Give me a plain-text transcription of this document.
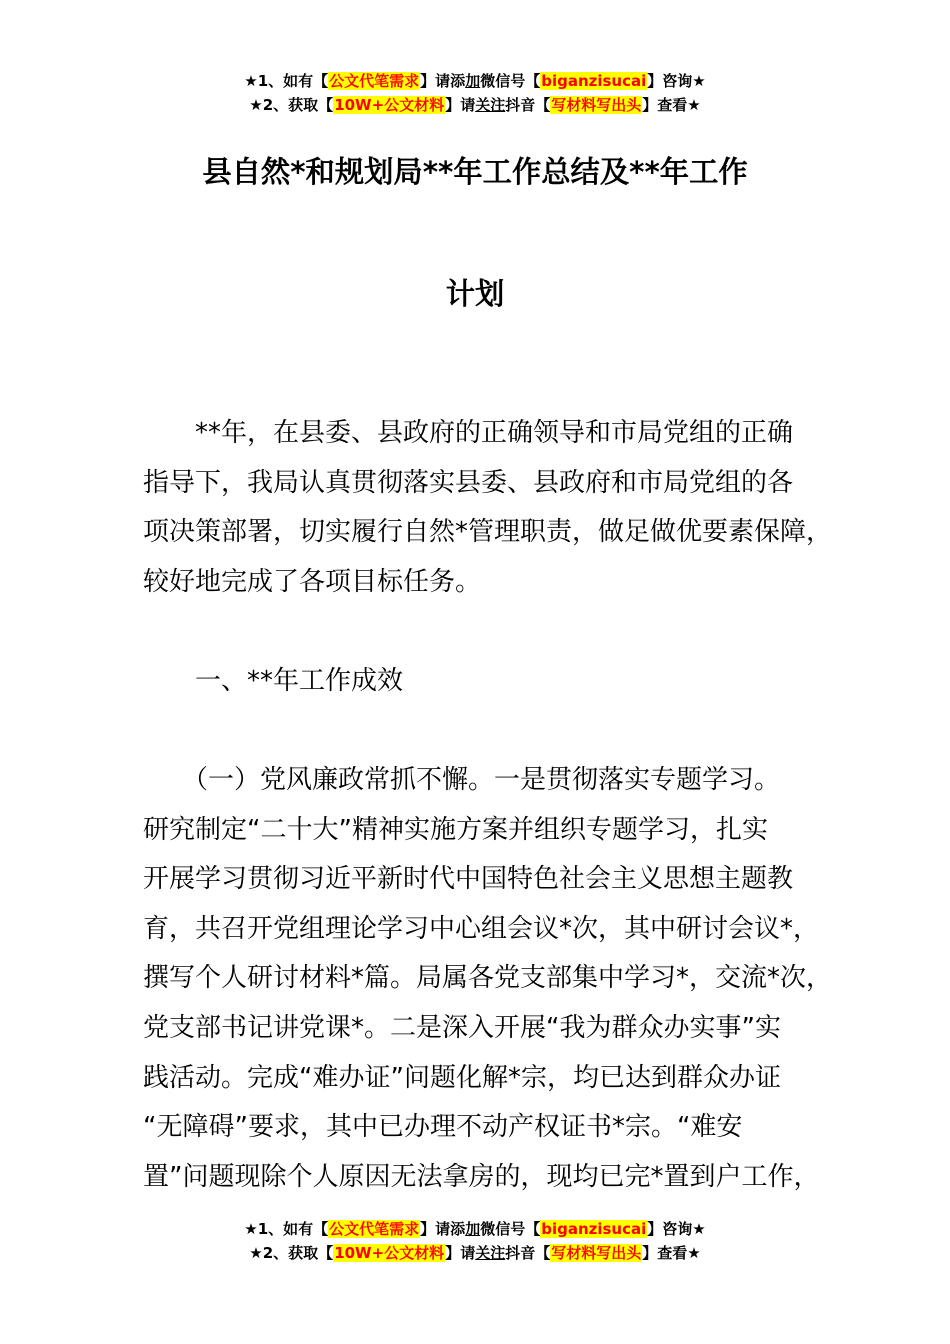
★1、如有【公文代笔需求】请添加微信号【biganzisucai】咨询★
★2、获取【10W+公文材料】请关注抖音【写材料写出头】查看★
县自然*和规划局**年工作总结及**年工作
计划
　　**年，在县委、县政府的正确领导和市局党组的正确
指导下，我局认真贯彻落实县委、县政府和市局党组的各
项决策部署，切实履行自然*管理职责，做足做优要素保障，
较好地完成了各项目标任务。
　　一、**年工作成效
　　（一）党风廉政常抓不懈。一是贯彻落实专题学习。
研究制定“二十大”精神实施方案并组织专题学习，扎实
开展学习贯彻习近平新时代中国特色社会主义思想主题教
育，共召开党组理论学习中心组会议*次，其中研讨会议*，
撰写个人研讨材料*篇。局属各党支部集中学习*，交流*次，
党支部书记讲党课*。二是深入开展“我为群众办实事”实
践活动。完成“难办证”问题化解*宗，均已达到群众办证
“无障碍”要求，其中已办理不动产权证书*宗。“难安
置”问题现除个人原因无法拿房的，现均已完*置到户工作，
★1、如有【公文代笔需求】请添加微信号【biganzisucai】咨询★
★2、获取【10W+公文材料】请关注抖音【写材料写出头】查看★
